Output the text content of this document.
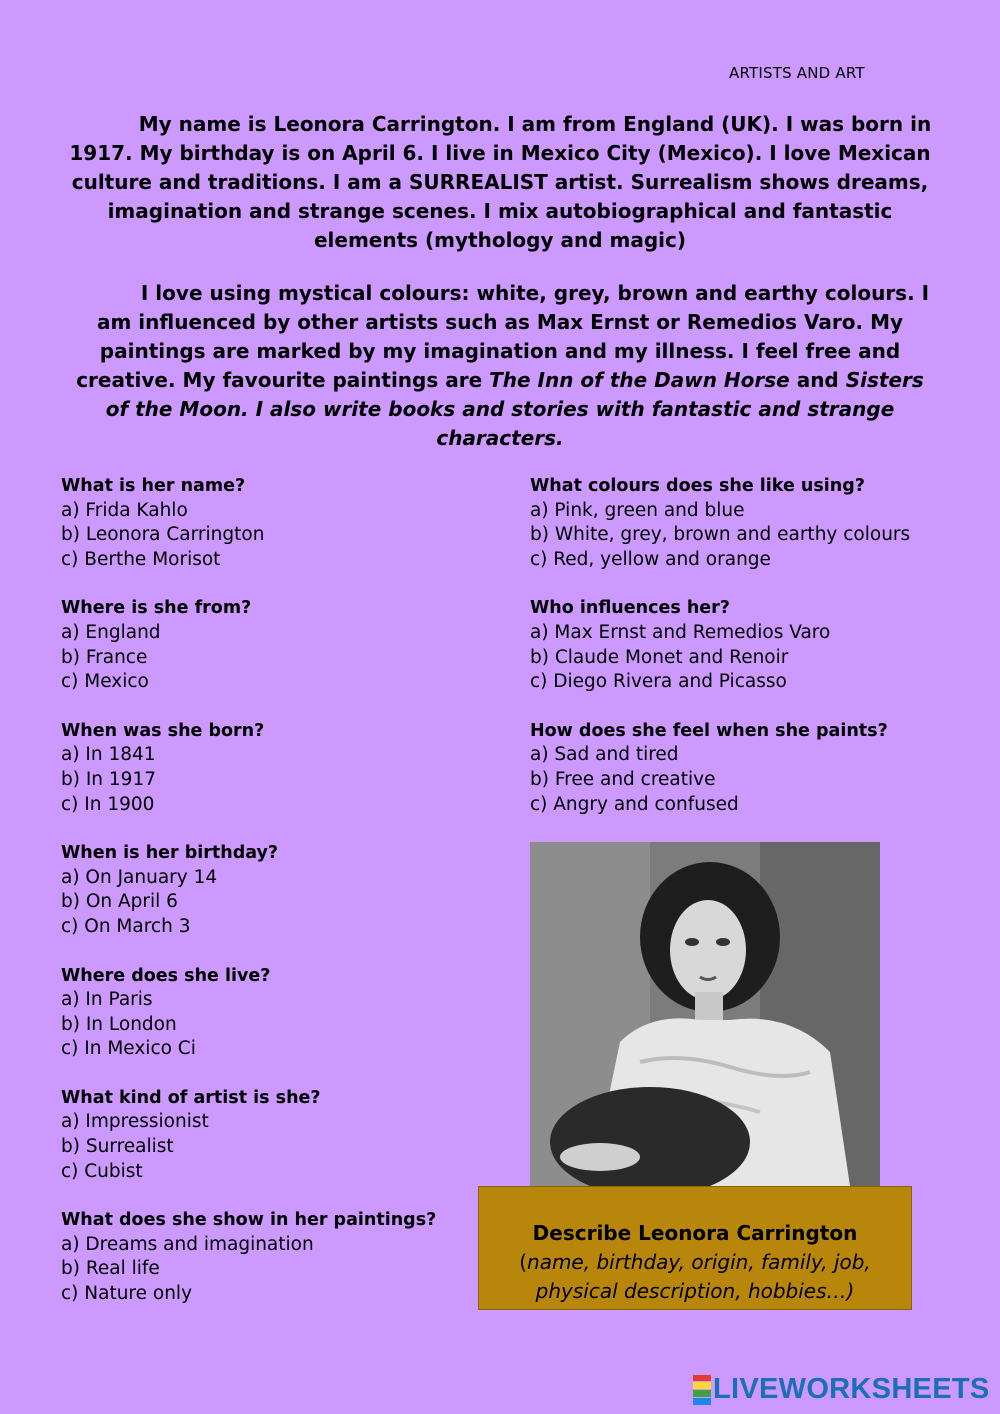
ARTISTS AND ART

My name is Leonora Carrington. I am from England (UK). I was born in 1917. My birthday is on April 6. I live in Mexico City (Mexico). I love Mexican culture and traditions. I am a SURREALIST artist. Surrealism shows dreams, imagination and strange scenes. I mix autobiographical and fantastic elements (mythology and magic)

I love using mystical colours: white, grey, brown and earthy colours. I am influenced by other artists such as Max Ernst or Remedios Varo. My paintings are marked by my imagination and my illness. I feel free and creative. My favourite paintings are The Inn of the Dawn Horse and Sisters of the Moon. I also write books and stories with fantastic and strange characters.

What is her name?
a) Frida Kahlo
b) Leonora Carrington
c) Berthe Morisot
Where is she from?
a) England
b) France
c) Mexico
When was she born?
a) In 1841
b) In 1917
c) In 1900
When is her birthday?
a) On January 14
b) On April 6
c) On March 3
Where does she live?
a) In Paris
b) In London
c) In Mexico Ci
What kind of artist is she?
a) Impressionist
b) Surrealist
c) Cubist
What does she show in her paintings?
a) Dreams and imagination
b) Real life
c) Nature only
What colours does she like using?
a) Pink, green and blue
b) White, grey, brown and earthy colours
c) Red, yellow and orange
Who influences her?
a) Max Ernst and Remedios Varo
b) Claude Monet and Renoir
c) Diego Rivera and Picasso
How does she feel when she paints?
a) Sad and tired
b) Free and creative
c) Angry and confused
Describe Leonora Carrington
(name, birthday, origin, family, job, physical description, hobbies…)
LIVEWORKSHEETS
